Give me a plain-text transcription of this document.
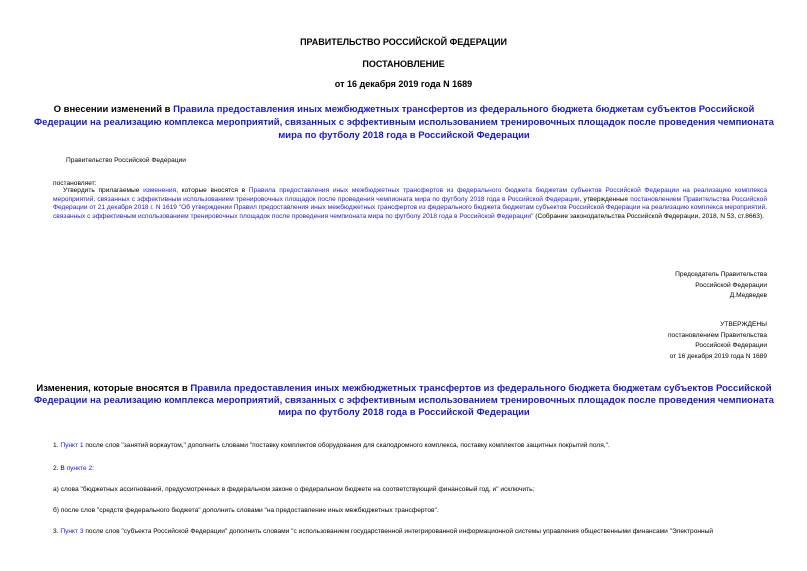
ПРАВИТЕЛЬСТВО РОССИЙСКОЙ ФЕДЕРАЦИИ
ПОСТАНОВЛЕНИЕ
от 16 декабря 2019 года N 1689
О внесении изменений в Правила предоставления иных межбюджетных трансфертов из федерального бюджета бюджетам субъектов Российской Федерации на реализацию комплекса мероприятий, связанных с эффективным использованием тренировочных площадок после проведения чемпионата мира по футболу 2018 года в Российской Федерации
Правительство Российской Федерации
постановляет:
Утвердить прилагаемые изменения, которые вносятся в Правила предоставления иных межбюджетных трансфертов из федерального бюджета бюджетам субъектов Российской Федерации на реализацию комплекса мероприятий, связанных с эффективным использованием тренировочных площадок после проведения чемпионата мира по футболу 2018 года в Российской Федерации, утвержденные постановлением Правительства Российской Федерации от 21 декабря 2018 г. N 1619 "Об утверждении Правил предоставления иных межбюджетных трансфертов из федерального бюджета бюджетам субъектов Российской Федерации на реализацию комплекса мероприятий, связанных с эффективным использованием тренировочных площадок после проведения чемпионата мира по футболу 2018 года в Российской Федерации" (Собрание законодательства Российской Федерации, 2018, N 53, ст.8663).
Председатель Правительства
Российской Федерации
Д.Медведев
УТВЕРЖДЕНЫ
постановлением Правительства
Российской Федерации
от 16 декабря 2019 года N 1689
Изменения, которые вносятся в Правила предоставления иных межбюджетных трансфертов из федерального бюджета бюджетам субъектов Российской Федерации на реализацию комплекса мероприятий, связанных с эффективным использованием тренировочных площадок после проведения чемпионата мира по футболу 2018 года в Российской Федерации
1. Пункт 1 после слов "занятий воркаутом," дополнить словами "поставку комплектов оборудования для скалодромного комплекса, поставку комплектов защитных покрытий поля,".
2. В пункте 2:
а) слова "бюджетных ассигнований, предусмотренных в федеральном законе о федеральном бюджете на соответствующий финансовый год, и" исключить;
б) после слов "средств федерального бюджета" дополнить словами "на предоставление иных межбюджетных трансфертов".
3. Пункт 3 после слов "субъекта Российской Федерации" дополнить словами "с использованием государственной интегрированной информационной системы управления общественными финансами "Электронный
